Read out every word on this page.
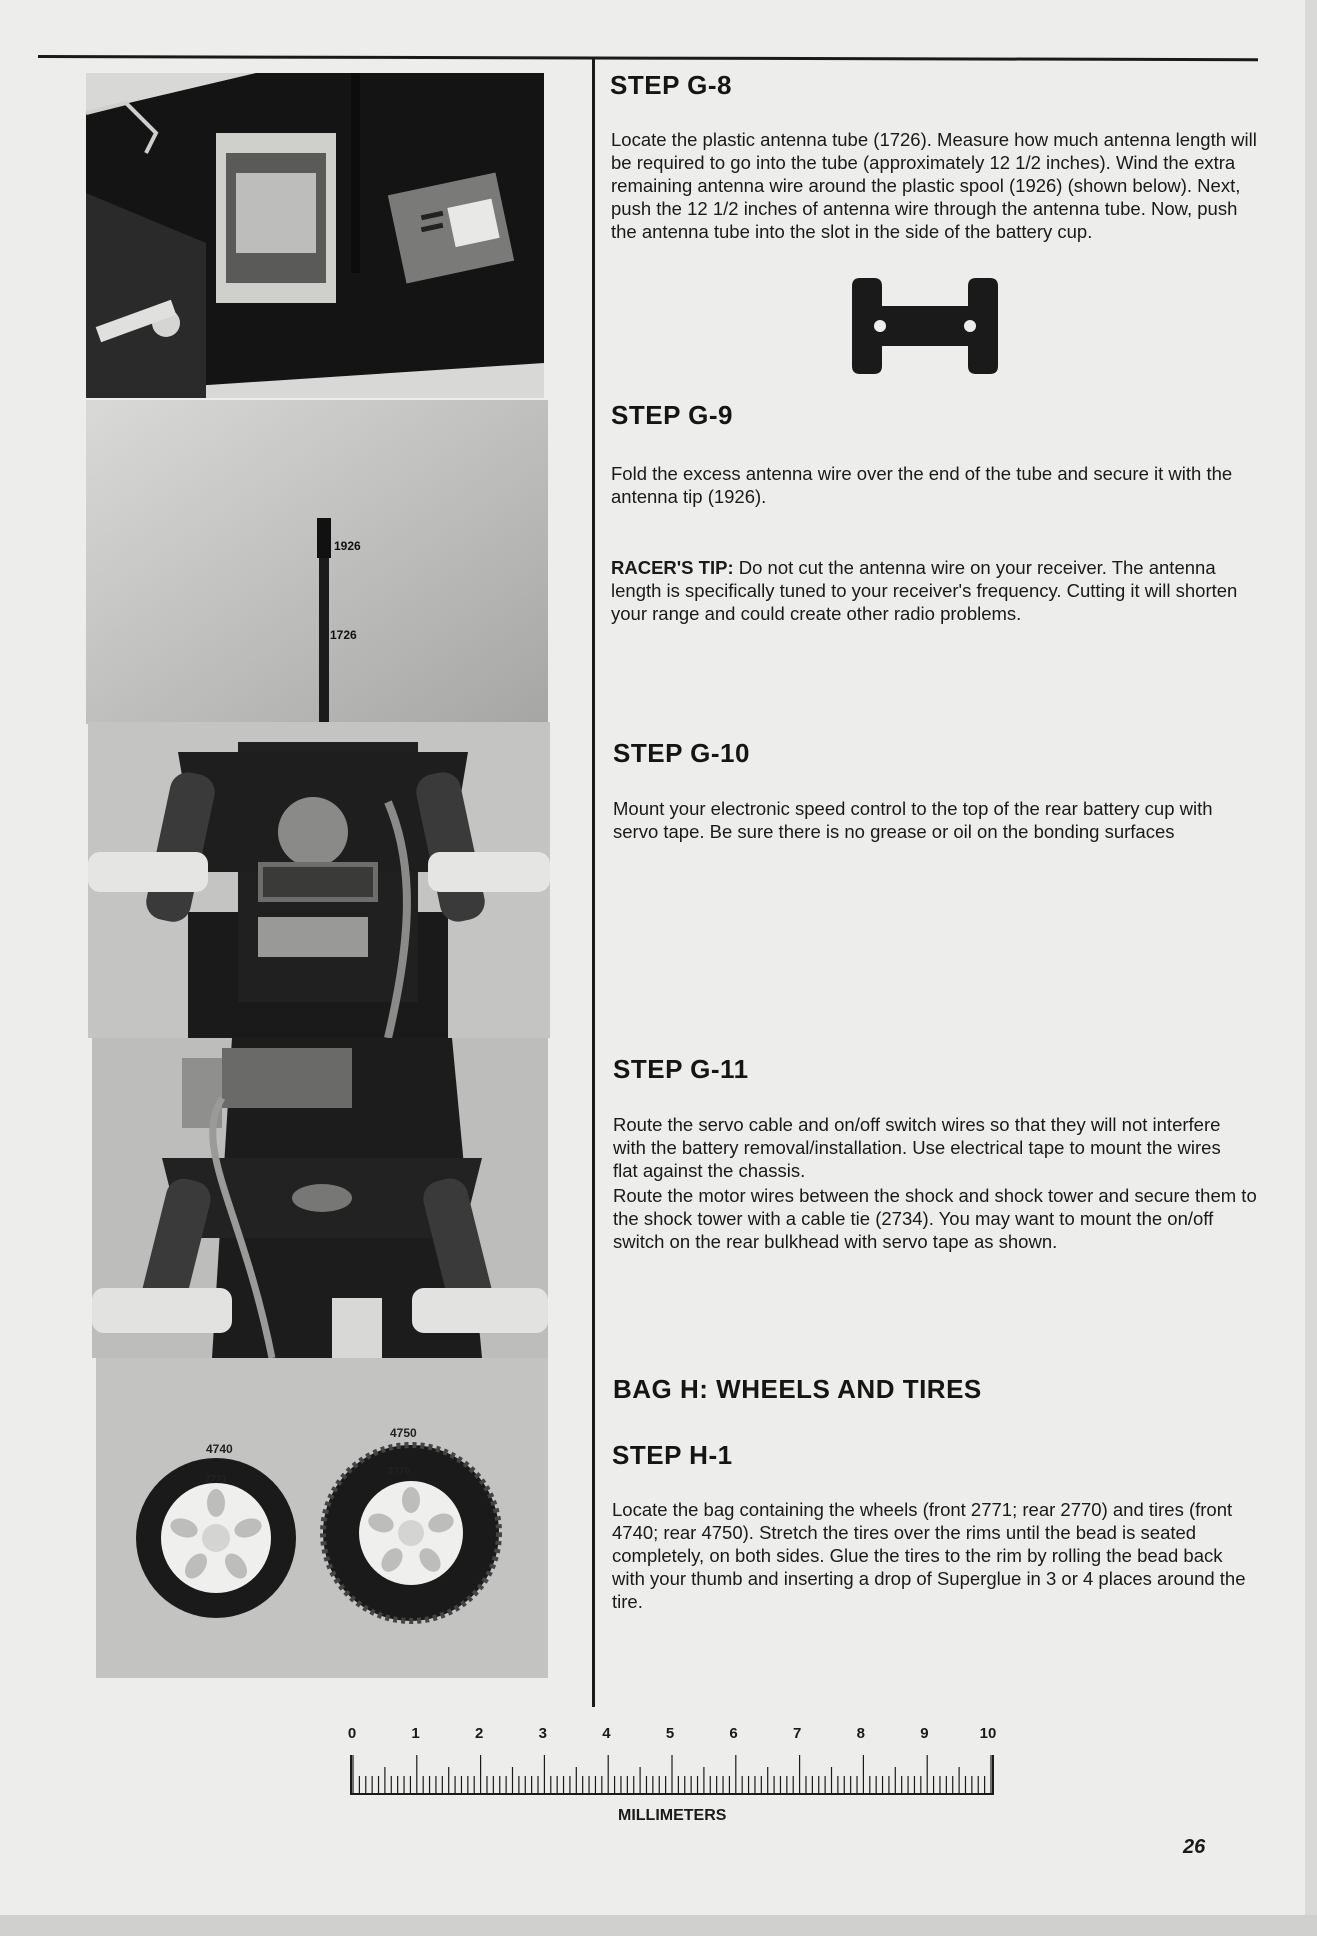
1926
1726
4740
2771
4750
2770
STEP G-8

Locate the plastic antenna tube (1726). Measure how much antenna length will be required to go into the tube (approximately 12 1/2 inches). Wind the extra remaining antenna wire around the plastic spool (1926) (shown below). Next, push the 12 1/2 inches of antenna wire through the antenna tube. Now, push the antenna tube into the slot in the side of the battery cup.

STEP G-9

Fold the excess antenna wire over the end of the tube and secure it with the antenna tip (1926).

RACER'S TIP: Do not cut the antenna wire on your receiver. The antenna length is specifically tuned to your receiver's frequency. Cutting it will shorten your range and could create other radio problems.

STEP G-10

Mount your electronic speed control to the top of the rear battery cup with servo tape. Be sure there is no grease or oil on the bonding surfaces

STEP G-11

Route the servo cable and on/off switch wires so that they will not interfere with the battery removal/installation. Use electrical tape to mount the wires flat against the chassis.

Route the motor wires between the shock and shock tower and secure them to the shock tower with a cable tie (2734). You may want to mount the on/off switch on the rear bulkhead with servo tape as shown.

BAG H: WHEELS AND TIRES
STEP H-1

Locate the bag containing the wheels (front 2771; rear 2770) and tires (front 4740; rear 4750). Stretch the tires over the rims until the bead is seated completely, on both sides. Glue the tires to the rim by rolling the bead back with your thumb and inserting a drop of Superglue in 3 or 4 places around the tire.

0	1	2	3	4	5	6	7	8	9	10
MILLIMETERS
26
